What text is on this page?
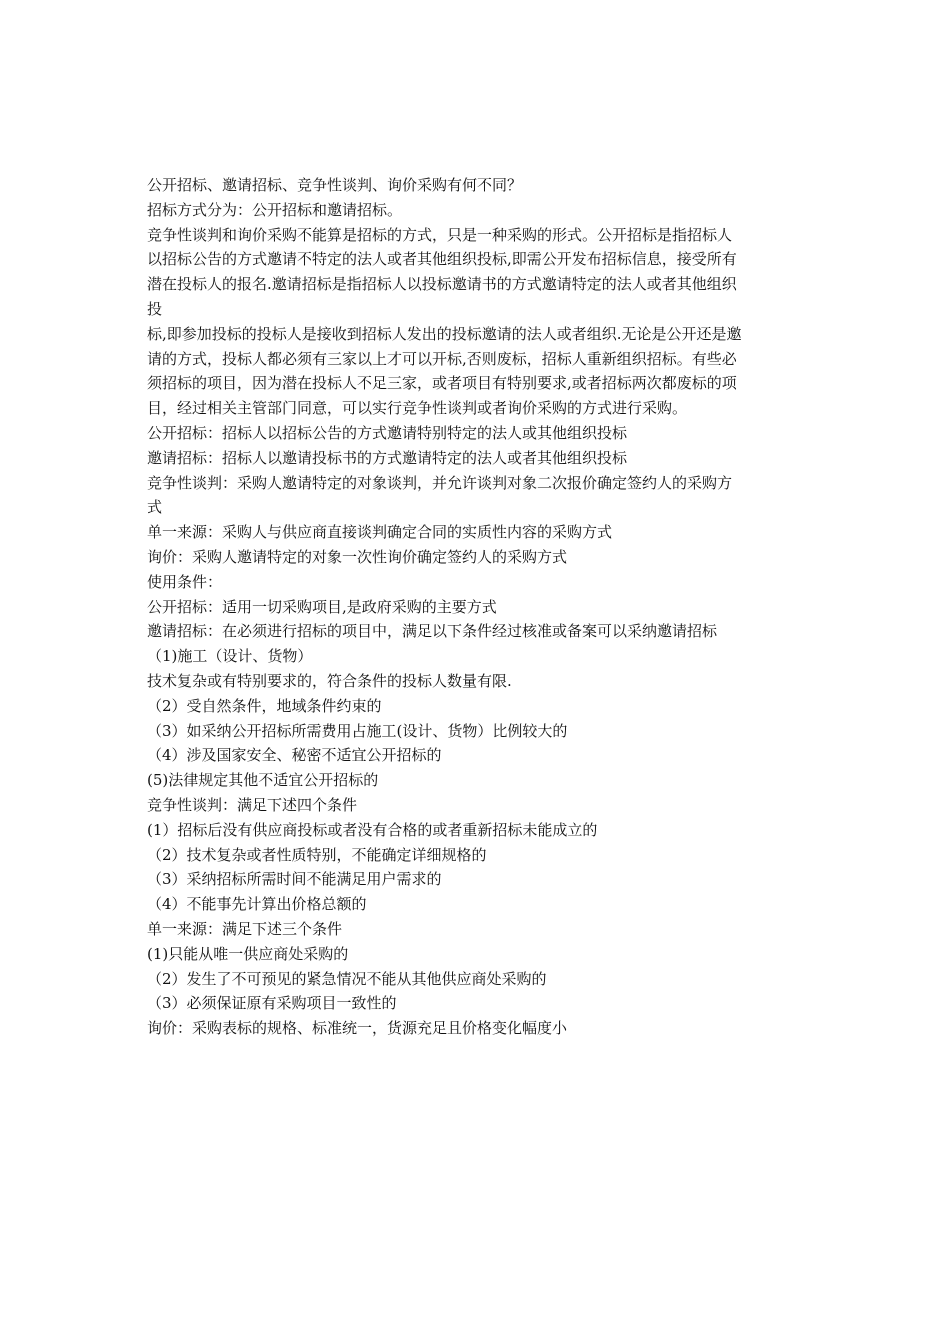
公开招标、邀请招标、竞争性谈判、询价采购有何不同？
招标方式分为：公开招标和邀请招标。
竞争性谈判和询价采购不能算是招标的方式，只是一种采购的形式。公开招标是指招标人
以招标公告的方式邀请不特定的法人或者其他组织投标,即需公开发布招标信息，接受所有
潜在投标人的报名.邀请招标是指招标人以投标邀请书的方式邀请特定的法人或者其他组织
投
标,即参加投标的投标人是接收到招标人发出的投标邀请的法人或者组织.无论是公开还是邀
请的方式，投标人都必须有三家以上才可以开标,否则废标，招标人重新组织招标。有些必
须招标的项目，因为潜在投标人不足三家，或者项目有特别要求,或者招标两次都废标的项
目，经过相关主管部门同意，可以实行竞争性谈判或者询价采购的方式进行采购。
公开招标：招标人以招标公告的方式邀请特别特定的法人或其他组织投标
邀请招标：招标人以邀请投标书的方式邀请特定的法人或者其他组织投标
竞争性谈判：采购人邀请特定的对象谈判，并允许谈判对象二次报价确定签约人的采购方
式
单一来源：采购人与供应商直接谈判确定合同的实质性内容的采购方式
询价：采购人邀请特定的对象一次性询价确定签约人的采购方式
使用条件：
公开招标：适用一切采购项目,是政府采购的主要方式
邀请招标：在必须进行招标的项目中，满足以下条件经过核准或备案可以采纳邀请招标
（1)施工（设计、货物）
技术复杂或有特别要求的，符合条件的投标人数量有限.
（2）受自然条件，地域条件约束的
（3）如采纳公开招标所需费用占施工(设计、货物）比例较大的
（4）涉及国家安全、秘密不适宜公开招标的
(5)法律规定其他不适宜公开招标的
竞争性谈判：满足下述四个条件
(1）招标后没有供应商投标或者没有合格的或者重新招标未能成立的
（2）技术复杂或者性质特别，不能确定详细规格的
（3）采纳招标所需时间不能满足用户需求的
（4）不能事先计算出价格总额的
单一来源：满足下述三个条件
(1)只能从唯一供应商处采购的
（2）发生了不可预见的紧急情况不能从其他供应商处采购的
（3）必须保证原有采购项目一致性的
询价：采购表标的规格、标准统一，货源充足且价格变化幅度小
